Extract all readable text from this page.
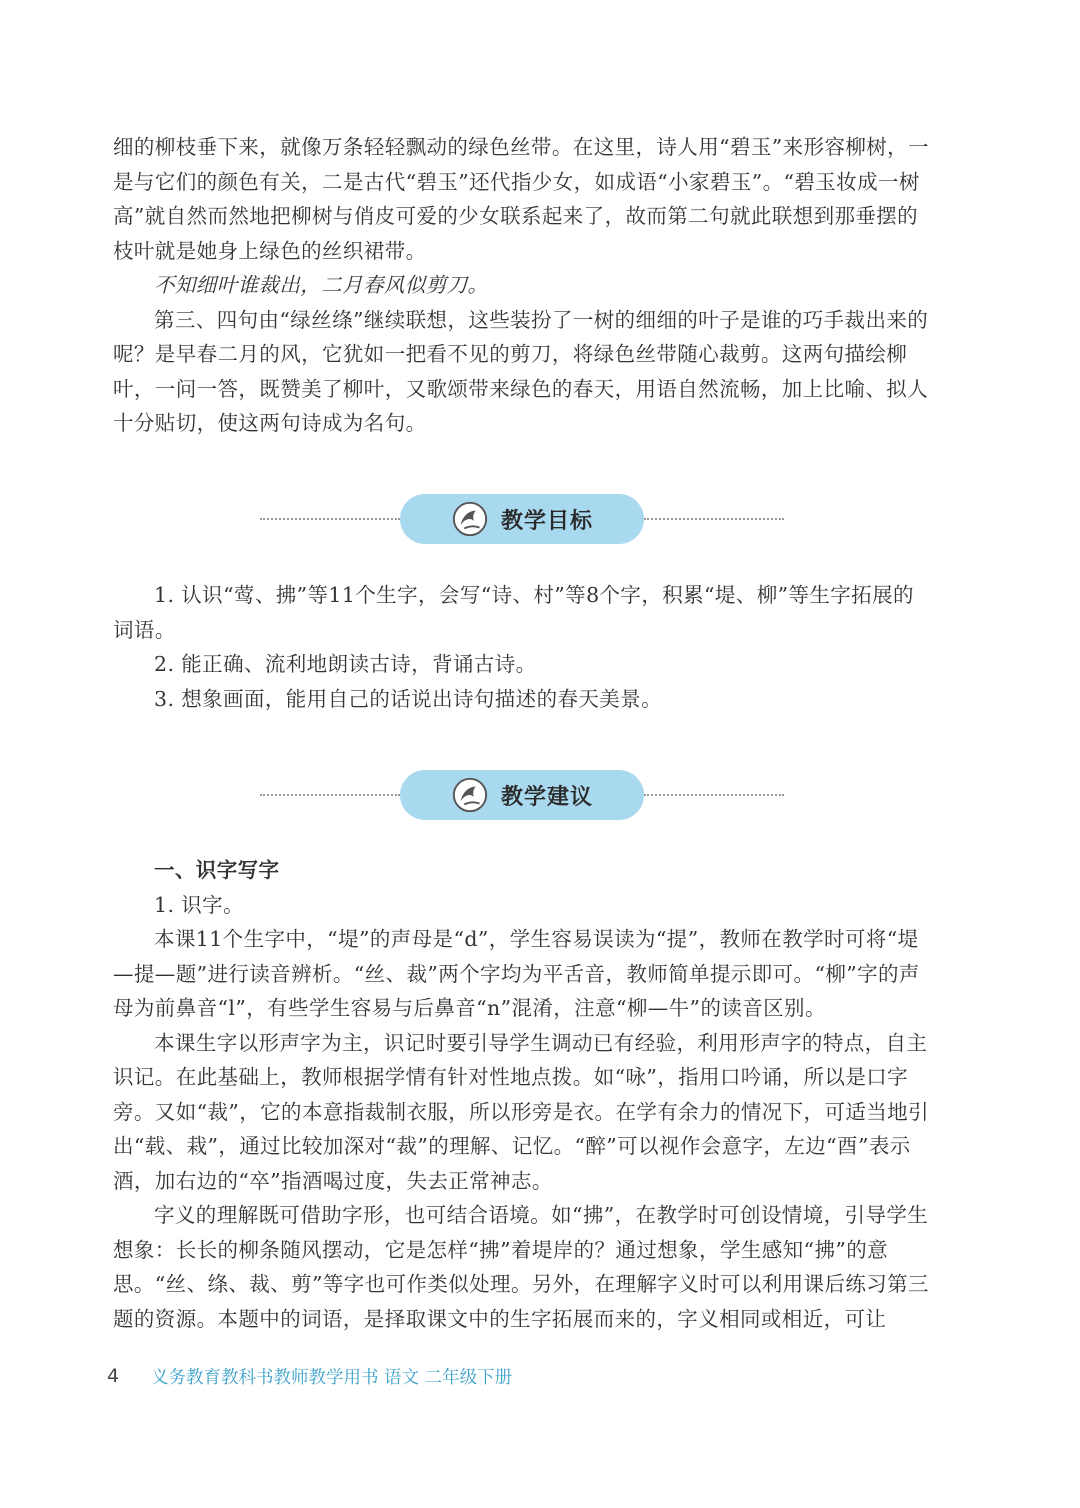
细的柳枝垂下来，就像万条轻轻飘动的绿色丝带。在这里，诗人用“碧玉”来形容柳树，一是与它们的颜色有关，二是古代“碧玉”还代指少女，如成语“小家碧玉”。“碧玉妆成一树高”就自然而然地把柳树与俏皮可爱的少女联系起来了，故而第二句就此联想到那垂摆的枝叶就是她身上绿色的丝织裙带。

不知细叶谁裁出，二月春风似剪刀。

第三、四句由“绿丝绦”继续联想，这些装扮了一树的细细的叶子是谁的巧手裁出来的呢？是早春二月的风，它犹如一把看不见的剪刀，将绿色丝带随心裁剪。这两句描绘柳叶，一问一答，既赞美了柳叶，又歌颂带来绿色的春天，用语自然流畅，加上比喻、拟人十分贴切，使这两句诗成为名句。

教学目标

1. 认识“莺、拂”等11个生字，会写“诗、村”等8个字，积累“堤、柳”等生字拓展的词语。

2. 能正确、流利地朗读古诗，背诵古诗。

3. 想象画面，能用自己的话说出诗句描述的春天美景。

教学建议

一、识字写字

1. 识字。

本课11个生字中，“堤”的声母是“d”，学生容易误读为“提”，教师在教学时可将“堤—提—题”进行读音辨析。“丝、裁”两个字均为平舌音，教师简单提示即可。“柳”字的声母为前鼻音“l”，有些学生容易与后鼻音“n”混淆，注意“柳—牛”的读音区别。

本课生字以形声字为主，识记时要引导学生调动已有经验，利用形声字的特点，自主识记。在此基础上，教师根据学情有针对性地点拨。如“咏”，指用口吟诵，所以是口字旁。又如“裁”，它的本意指裁制衣服，所以形旁是衣。在学有余力的情况下，可适当地引出“载、栽”，通过比较加深对“裁”的理解、记忆。“醉”可以视作会意字，左边“酉”表示酒，加右边的“卒”指酒喝过度，失去正常神志。

字义的理解既可借助字形，也可结合语境。如“拂”，在教学时可创设情境，引导学生想象：长长的柳条随风摆动，它是怎样“拂”着堤岸的？通过想象，学生感知“拂”的意思。“丝、绦、裁、剪”等字也可作类似处理。另外，在理解字义时可以利用课后练习第三题的资源。本题中的词语，是择取课文中的生字拓展而来的，字义相同或相近，可让

4	义务教育教科书教师教学用书 语文 二年级下册
